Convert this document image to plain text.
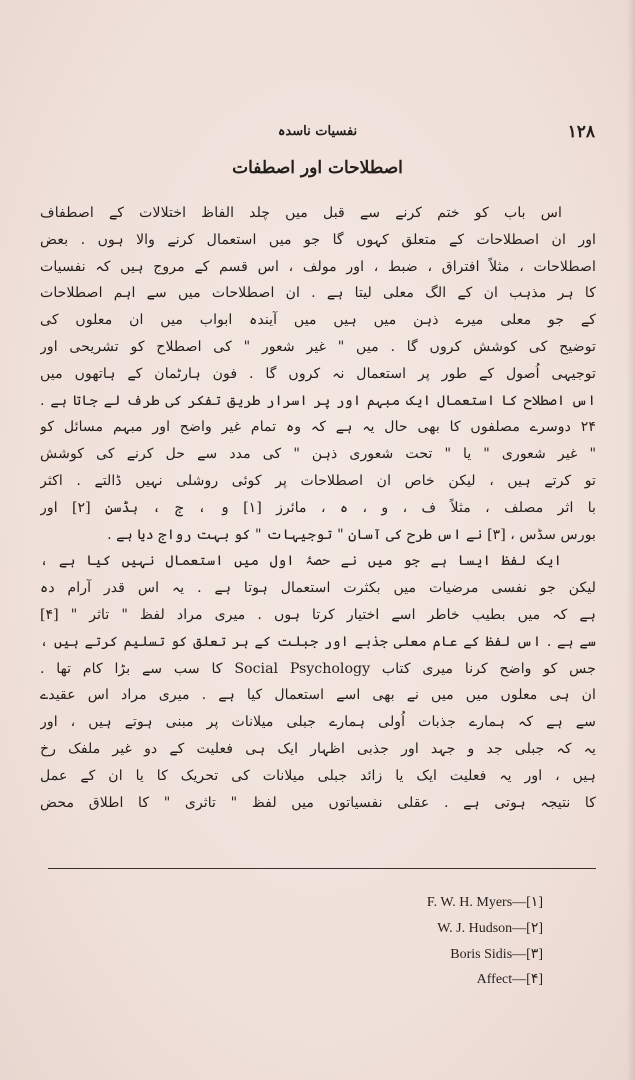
۱۲۸
نفسیات ناسدہ
اصطلاحات اور اصطفات
اس باب کو ختم کرنے سے قبل میں چلد الفاظ اختلالات کے اصطفاف
اور ان اصطلاحات کے متعلق کہوں گا جو میں استعمال کرنے والا ہوں . بعض
اصطلاحات ، مثلاً افتراق ، ضبط ، اور مولف ، اس قسم کے مروج ہیں کہ نفسیات
کا ہر مذہب ان کے الگ معلی لیتا ہے . ان اصطلاحات میں سے اہم اصطلاحات
کے جو معلی میرے ذہن میں ہیں میں آیندہ ابواب میں ان معلوں کی
توضیح کی کوشش کروں گا . میں " غیر شعور " کی اصطلاح کو تشریحی اور
توجیہی اُصول کے طور پر استعمال نہ کروں گا . فون ہارٹمان کے ہاتھوں میں
اس اصطلاح کا استعمال ایک مبہم اور پر اسرار طریق تفکر کی طرف لے جاتا ہے .
۲۴ دوسرے مصلفوں کا بھی حال یہ ہے کہ وہ تمام غیر واضح اور مبہم مسائل کو
" غیر شعوری " یا " تحت شعوری ذہن " کی مدد سے حل کرنے کی کوشش
تو کرتے ہیں ، لیکن خاص ان اصطلاحات پر کوئی روشلی نہیں ڈالتے . اکثر
با اثر مصلف ، مثلاً ف ، و ، ہ ، مائرز [۱] و ، ج ، ہڈسن [۲] اور
بورس سڈس ، [۳] نے اس طرح کی آسان " توجیہات " کو بہت رواج دیا ہے .
ایک لفظ ایسا ہے جو میں نے حصۂ اول میں استعمال نہیں کیا ہے ،
لیکن جو نفسی مرضیات میں بکثرت استعمال ہوتا ہے . یہ اس قدر آرام دہ
ہے کہ میں بطیب خاطر اسے اختیار کرتا ہوں . میری مراد لفظ " تاثر " [۴]
سے ہے . اس لفظ کے عام معلی جذبے اور جبلت کے ہر تعلق کو تسلیم کرتے ہیں ،
جس کو واضح کرنا میری کتاب Social Psychology کا سب سے بڑا کام تھا .
ان ہی معلوں میں میں نے بھی اسے استعمال کیا ہے . میری مراد اس عقیدے
سے ہے کہ ہمارے جذبات اُولی ہمارے جبلی میلانات پر مبنی ہوتے ہیں ، اور
یہ کہ جبلی جد و جہد اور جذبی اظہار ایک ہی فعلیت کے دو غیر ملفک رخ
ہیں ، اور یہ فعلیت ایک یا زائد جبلی میلانات کی تحریک کا یا ان کے عمل
کا نتیجہ ہوتی ہے . عقلی نفسیاتوں میں لفظ " تاثری " کا اطلاق محض
F. W. H. Myers—[۱]
W. J. Hudson—[۲]
Boris Sidis—[۳]
Affect—[۴]
